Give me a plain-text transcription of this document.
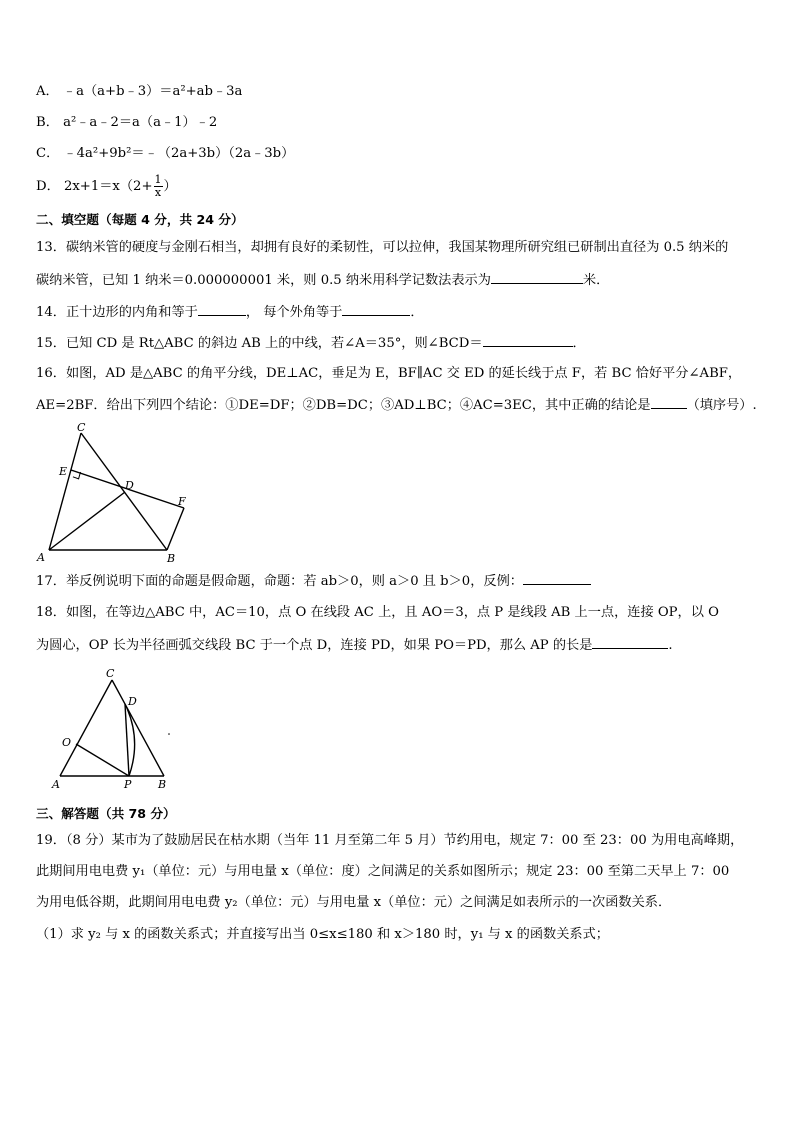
A． ﹣a（a+b﹣3）＝a²+ab﹣3a
B． a²﹣a﹣2＝a（a﹣1）﹣2
C． ﹣4a²+9b²＝﹣（2a+3b）（2a﹣3b）
D． $2x+1=x(2+ \frac{1}{x}$ ）
二、填空题（每题 4 分，共 24 分）
13．碳纳米管的硬度与金刚石相当，却拥有良好的柔韧性，可以拉伸，我国某物理所研究组已研制出直径为 0.5 纳米的
碳纳米管，已知 1 纳米＝0.000000001 米，则 0.5 纳米用科学记数法表示为	米．
14．正十边形的内角和等于	， 每个外角等于	．
15．已知 CD 是 Rt△ABC 的斜边 AB 上的中线，若∠A＝35°，则∠BCD＝	．
16．如图，AD 是△ABC 的角平分线，DE⊥AC，垂足为 E，BF∥AC 交 ED 的延长线于点 F，若 BC 恰好平分∠ABF，
AE=2BF．给出下列四个结论：①DE=DF；②DB=DC；③AD⊥BC；④AC=3EC，其中正确的结论是	（填序号）.
C
E
D
F
A	B
17．举反例说明下面的命题是假命题，命题：若 ab＞0，则 a＞0 且 b＞0，反例：
18．如图，在等边△ABC 中，AC＝10，点 O 在线段 AC 上，且 AO＝3，点 P 是线段 AB 上一点，连接 OP，以 O
为圆心，OP 长为半径画弧交线段 BC 于一个点 D，连接 PD，如果 PO＝PD，那么 AP 的长是	.
C
D
O
A	P B
三、解答题（共 78 分）
19．（8 分）某市为了鼓励居民在枯水期（当年 11 月至第二年 5 月）节约用电，规定 7：00 至 23：00 为用电高峰期，
此期间用电电费 y₁（单位：元）与用电量 x（单位：度）之间满足的关系如图所示；规定 23：00 至第二天早上 7：00
为用电低谷期，此期间用电电费 y₂（单位：元）与用电量 x（单位：元）之间满足如表所示的一次函数关系．
（1）求 y₂ 与 x 的函数关系式；并直接写出当 0≤x≤180 和 x＞180 时，y₁ 与 x 的函数关系式；
